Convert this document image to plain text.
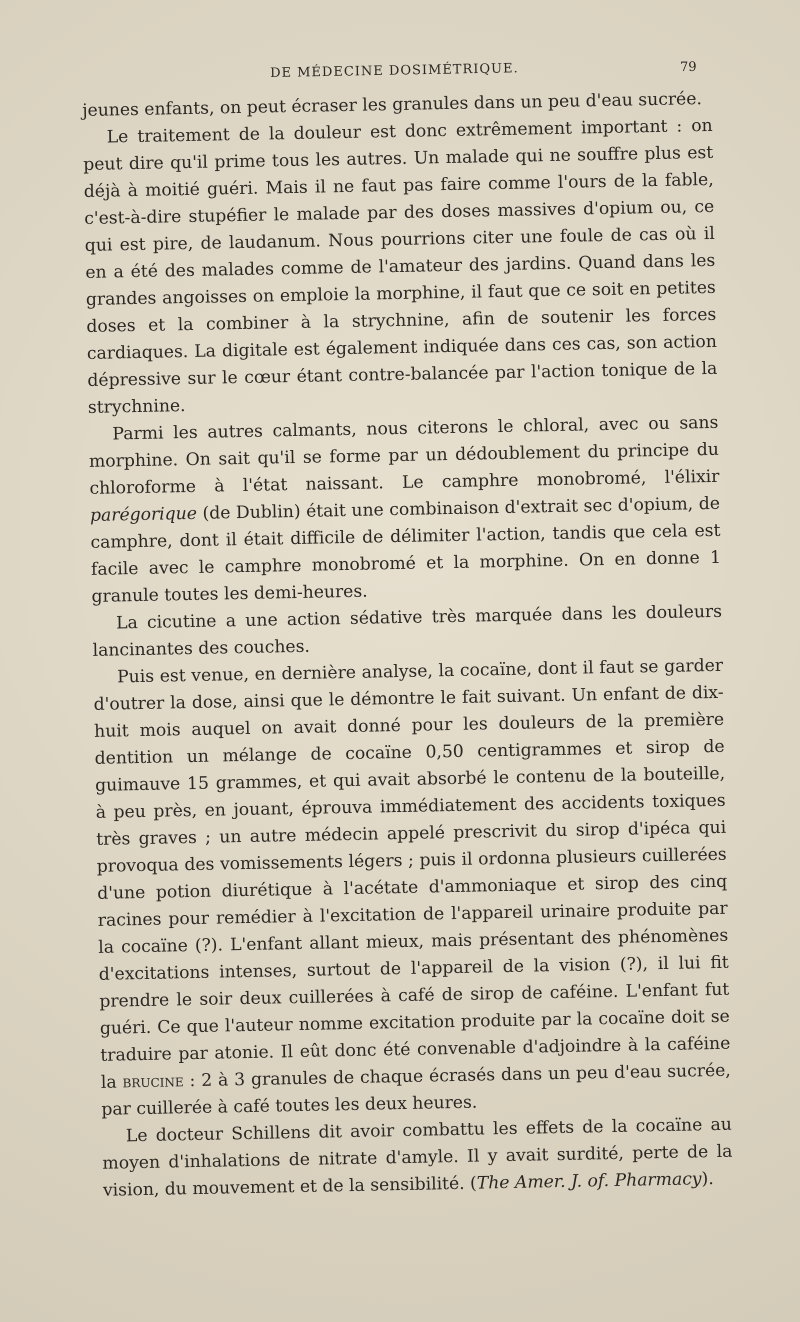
DE MÉDECINE DOSIMÉTRIQUE.	79

jeunes enfants, on peut écraser les granules dans un peu d'eau sucrée.

Le traitement de la douleur est donc extrêmement important : on peut dire qu'il prime tous les autres. Un malade qui ne souffre plus est déjà à moitié guéri. Mais il ne faut pas faire comme l'ours de la fable, c'est-à-dire stupéfier le malade par des doses massives d'opium ou, ce qui est pire, de laudanum. Nous pourrions citer une foule de cas où il en a été des malades comme de l'amateur des jardins. Quand dans les grandes angoisses on emploie la morphine, il faut que ce soit en petites doses et la combiner à la strychnine, afin de soutenir les forces cardiaques. La digitale est également indiquée dans ces cas, son action dépressive sur le cœur étant contre-balancée par l'action tonique de la strychnine.

Parmi les autres calmants, nous citerons le chloral, avec ou sans morphine. On sait qu'il se forme par un dédoublement du principe du chloroforme à l'état naissant. Le camphre monobromé, l'élixir parégorique (de Dublin) était une combinaison d'extrait sec d'opium, de camphre, dont il était difficile de délimiter l'action, tandis que cela est facile avec le camphre monobromé et la morphine. On en donne 1 granule toutes les demi-heures.

La cicutine a une action sédative très marquée dans les douleurs lancinantes des couches.

Puis est venue, en dernière analyse, la cocaïne, dont il faut se garder d'outrer la dose, ainsi que le démontre le fait suivant. Un enfant de dix-huit mois auquel on avait donné pour les douleurs de la première dentition un mélange de cocaïne 0,50 centigrammes et sirop de guimauve 15 grammes, et qui avait absorbé le contenu de la bouteille, à peu près, en jouant, éprouva immédiatement des accidents toxiques très graves ; un autre médecin appelé prescrivit du sirop d'ipéca qui provoqua des vomissements légers ; puis il ordonna plusieurs cuillerées d'une potion diurétique à l'acétate d'ammoniaque et sirop des cinq racines pour remédier à l'excitation de l'appareil urinaire produite par la cocaïne (?). L'enfant allant mieux, mais présentant des phénomènes d'excitations intenses, surtout de l'appareil de la vision (?), il lui fit prendre le soir deux cuillerées à café de sirop de caféine. L'enfant fut guéri. Ce que l'auteur nomme excitation produite par la cocaïne doit se traduire par atonie. Il eût donc été convenable d'adjoindre à la caféine la brucine : 2 à 3 granules de chaque écrasés dans un peu d'eau sucrée, par cuillerée à café toutes les deux heures.

Le docteur Schillens dit avoir combattu les effets de la cocaïne au moyen d'inhalations de nitrate d'amyle. Il y avait surdité, perte de la vision, du mouvement et de la sensibilité. (The Amer. J. of. Pharmacy).
